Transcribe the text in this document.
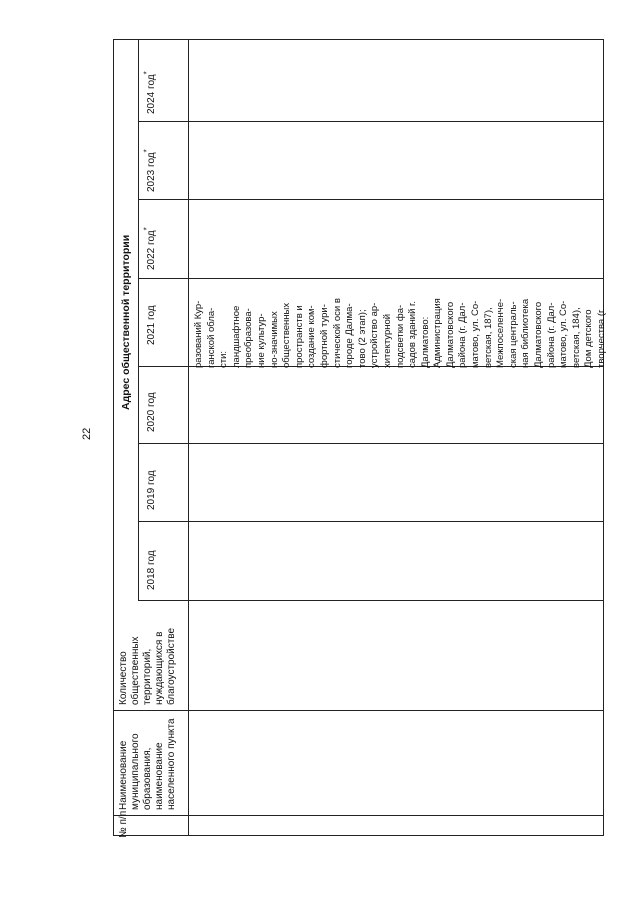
22
№ п/п
Наименование муниципального образования, наименование населенного пункта
Количество общественных территорий, нуждающихся в благоустройстве
Адрес общественной территории
2018 год
2019 год
2020 год
2021 год
2022 год*
2023 год*
2024 год*
разований Кур- ганской обла- сти: ландшафтное преобразова- ние культур- но-значимых общественных пространств и создание ком- фортной тури- стической оси в городе Далма- тово (2 этап); устройство ар- хитектурной подсветки фа- садов зданий г. Далматово: Администрация Далматовского района (г. Дал- матово, ул. Со- ветская, 187), Межпоселенче- ская централь- ная библиотека Далматовского района (г. Дал- матово, ул. Со- ветская, 184), Дом детского творчества (г.
